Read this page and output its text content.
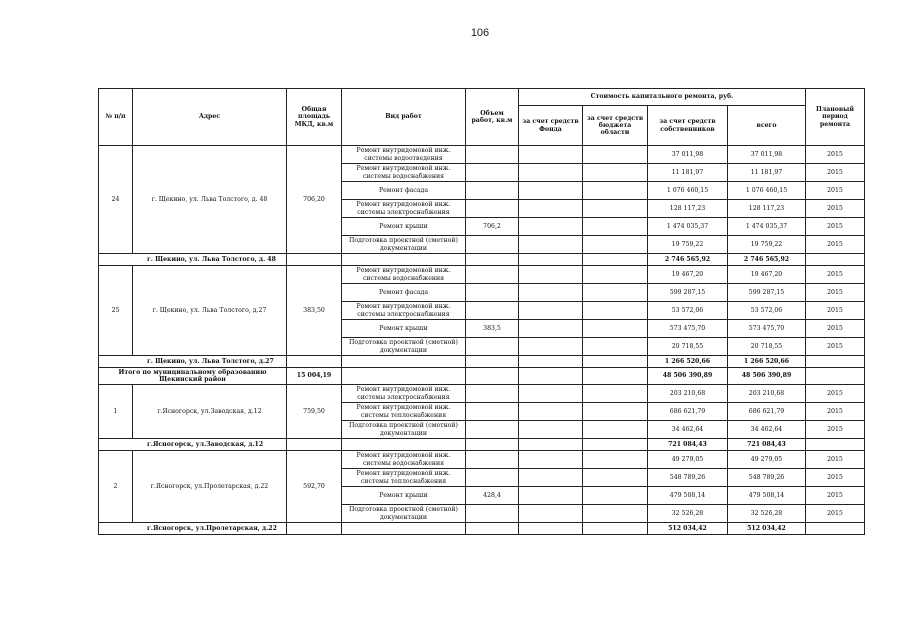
106
№ п/п	Адрес	Общая площадь МКД, кв.м	Вид работ	Объем работ, кв.м	Стоимость капитального ремонта, руб.				Плановый период ремонта
					за счет средств Фонда	за счет средств бюджета области	за счет средств собственников	всего	
24	г. Щекино, ул. Льва Толстого, д. 48	706,20	Ремонт внутридомовой инж. системы водоотведения				37 011,98	37 011,98	2015
			Ремонт внутридомовой инж. системы водоснабжения				11 181,97	11 181,97	2015
			Ремонт фасада				1 076 460,15	1 076 460,15	2015
			Ремонт внутридомовой инж. системы электроснабжения				128 117,23	128 117,23	2015
			Ремонт крыши	706,2			1 474 035,37	1 474 035,37	2015
			Подготовка проектной (сметной) документации				19 759,22	19 759,22	2015
г. Щекино, ул. Льва Толстого, д. 48							2 746 565,92	2 746 565,92	
25	г. Щекино, ул. Льва Толстого, д.27	383,50	Ремонт внутридомовой инж. системы водоснабжения				19 467,20	19 467,20	2015
			Ремонт фасада				599 287,15	599 287,15	2015
			Ремонт внутридомовой инж. системы электроснабжения				53 572,06	53 572,06	2015
			Ремонт крыши	383,5			573 475,70	573 475,70	2015
			Подготовка проектной (сметной) документации				20 718,55	20 718,55	2015
г. Щекино, ул. Льва Толстого, д.27							1 266 520,66	1 266 520,66	
Итого по муниципальному образованию Щекинский район		15 004,19					48 506 390,89	48 506 390,89	
1	г.Ясногорск, ул.Заводская, д.12	759,50	Ремонт внутридомовой инж. системы электроснабжения				203 210,68	203 210,68	2015
			Ремонт внутридомовой инж. системы теплоснабжения				686 621,79	686 621,79	2015
			Подготовка проектной (сметной) документации				34 462,64	34 462,64	2015
г.Ясногорск, ул.Заводская, д.12							721 084,43	721 084,43	
2	г.Ясногорск, ул.Пролетарская, д.22	592,70	Ремонт внутридомовой инж. системы водоснабжения				49 279,05	49 279,05	2015
			Ремонт внутридомовой инж. системы теплоснабжения				548 789,26	548 789,26	2015
			Ремонт крыши	428,4			479 508,14	479 508,14	2015
			Подготовка проектной (сметной) документации				32 526,28	32 526,28	2015
г.Ясногорск, ул.Пролетарская, д.22							512 034,42	512 034,42	
